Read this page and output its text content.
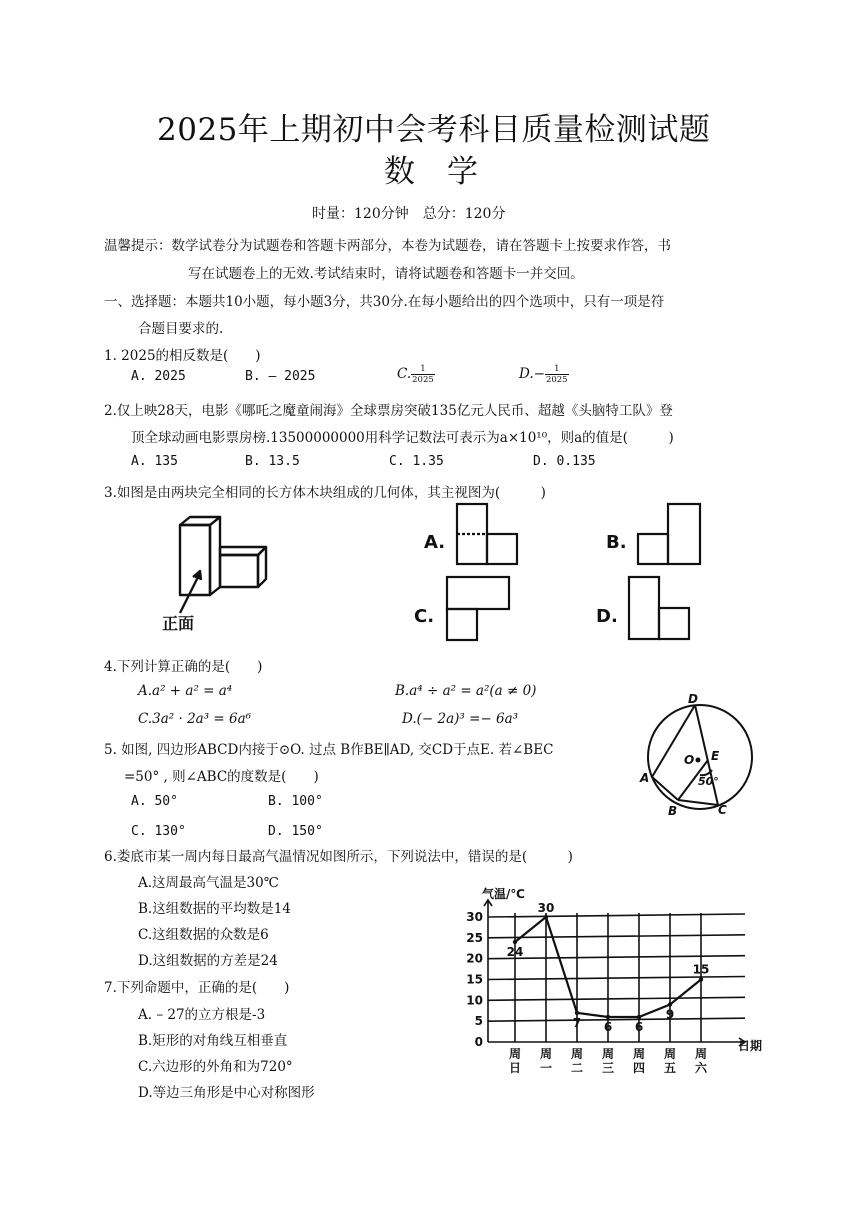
2025年上期初中会考科目质量检测试题
数　学
时量：120分钟　总分：120分
温馨提示：数学试卷分为试题卷和答题卡两部分，本卷为试题卷，请在答题卡上按要求作答，书
写在试题卷上的无效.考试结束时，请将试题卷和答题卡一并交回。
一、选择题：本题共10小题，每小题3分，共30分.在每小题给出的四个选项中，只有一项是符
合题目要求的.
1. 2025的相反数是(　　)
A. 2025	B. – 2025	C. $\frac{1}{2025}$	$D.- \frac{1}{2025}$
2.仅上映28天，电影《哪吒之魔童闹海》全球票房突破135亿元人民币、超越《头脑特工队》登
顶全球动画电影票房榜.13500000000用科学记数法可表示为a×10¹⁰，则a的值是(　　　)
A. 135	B. 13.5	C. 1.35	D. 0.135
3.如图是由两块完全相同的长方体木块组成的几何体，其主视图为(　　　)
正面
A.	B.
C.	D.
4.下列计算正确的是(　　)
A.a² + a² = a⁴	B.a⁴ ÷ a² = a²(a ≠ 0)
C.3a² · 2a³ = 6a⁶	D.(− 2a)³ =− 6a³
5. 如图, 四边形ABCD内接于⊙O. 过点 B作BE∥AD, 交CD于点E. 若∠BEC
=50° , 则∠ABC的度数是(　　)
A. 50°	B. 100°
C. 130°	D. 150°
D
A
B	C
E
O
50°
6.娄底市某一周内每日最高气温情况如图所示，下列说法中，错误的是(　　　)
A.这周最高气温是30℃
B.这组数据的平均数是14
C.这组数据的众数是6
D.这组数据的方差是24
7.下列命题中，正确的是(　　)
A. – 27的立方根是-3
B.矩形的对角线互相垂直
C.六边形的外角和为720°
D.等边三角形是中心对称图形
气温/℃
日期
0
5
10
15
20
25
30
周
日
周
一
周
二
周
三
周
四
周
五
周
六
24
30
7 6 6
9
15
